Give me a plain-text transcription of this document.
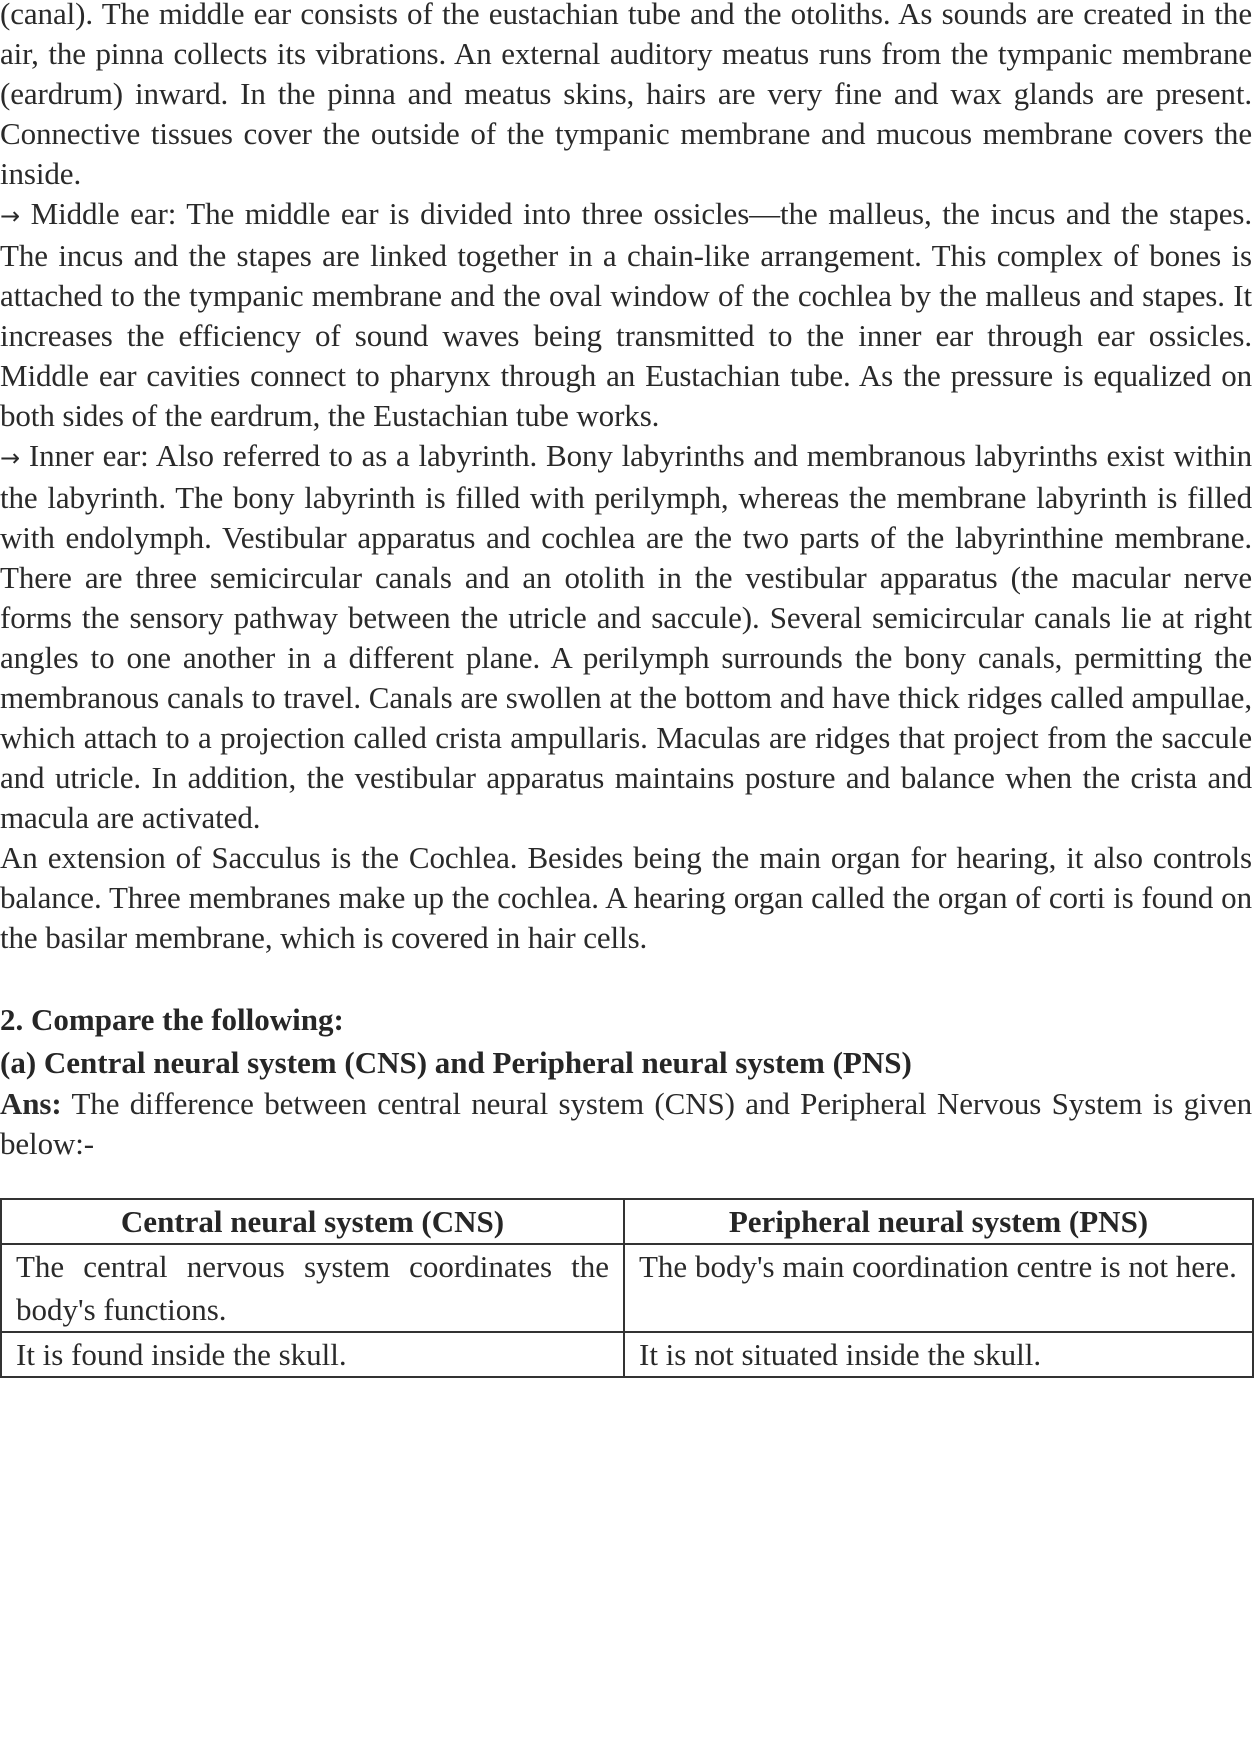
(canal). The middle ear consists of the eustachian tube and the otoliths. As sounds are created in the air, the pinna collects its vibrations. An external auditory meatus runs from the tympanic membrane (eardrum) inward. In the pinna and meatus skins, hairs are very fine and wax glands are present. Connective tissues cover the outside of the tympanic membrane and mucous membrane covers the inside.

→ Middle ear: The middle ear is divided into three ossicles—the malleus, the incus and the stapes. The incus and the stapes are linked together in a chain-like arrangement. This complex of bones is attached to the tympanic membrane and the oval window of the cochlea by the malleus and stapes. It increases the efficiency of sound waves being transmitted to the inner ear through ear ossicles. Middle ear cavities connect to pharynx through an Eustachian tube. As the pressure is equalized on both sides of the eardrum, the Eustachian tube works.

→ Inner ear: Also referred to as a labyrinth. Bony labyrinths and membranous labyrinths exist within the labyrinth. The bony labyrinth is filled with perilymph, whereas the membrane labyrinth is filled with endolymph. Vestibular apparatus and cochlea are the two parts of the labyrinthine membrane. There are three semicircular canals and an otolith in the vestibular apparatus (the macular nerve forms the sensory pathway between the utricle and saccule). Several semicircular canals lie at right angles to one another in a different plane. A perilymph surrounds the bony canals, permitting the membranous canals to travel. Canals are swollen at the bottom and have thick ridges called ampullae, which attach to a projection called crista ampullaris. Maculas are ridges that project from the saccule and utricle. In addition, the vestibular apparatus maintains posture and balance when the crista and macula are activated.

An extension of Sacculus is the Cochlea. Besides being the main organ for hearing, it also controls balance. Three membranes make up the cochlea. A hearing organ called the organ of corti is found on the basilar membrane, which is covered in hair cells.

2. Compare the following:
(a) Central neural system (CNS) and Peripheral neural system (PNS)

Ans: The difference between central neural system (CNS) and Peripheral Nervous System is given below:-

Central neural system (CNS)	Peripheral neural system (PNS)
The central nervous system coordinates the body's functions.	The body's main coordination centre is not here.
It is found inside the skull.	It is not situated inside the skull.
